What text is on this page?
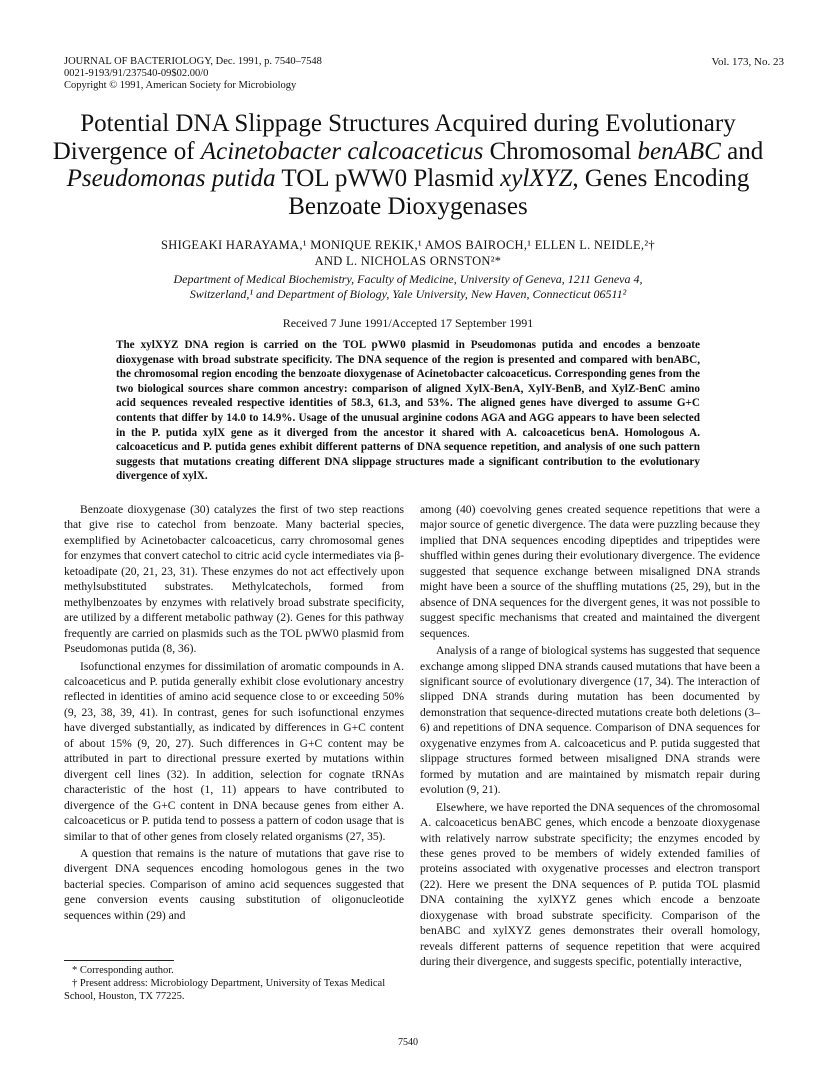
JOURNAL OF BACTERIOLOGY, Dec. 1991, p. 7540–7548
0021-9193/91/237540-09$02.00/0
Copyright © 1991, American Society for Microbiology
Vol. 173, No. 23
Potential DNA Slippage Structures Acquired during Evolutionary Divergence of Acinetobacter calcoaceticus Chromosomal benABC and Pseudomonas putida TOL pWW0 Plasmid xylXYZ, Genes Encoding Benzoate Dioxygenases
SHIGEAKI HARAYAMA,¹ MONIQUE REKIK,¹ AMOS BAIROCH,¹ ELLEN L. NEIDLE,²†
AND L. NICHOLAS ORNSTON²*
Department of Medical Biochemistry, Faculty of Medicine, University of Geneva, 1211 Geneva 4,
Switzerland,¹ and Department of Biology, Yale University, New Haven, Connecticut 06511²
Received 7 June 1991/Accepted 17 September 1991
The xylXYZ DNA region is carried on the TOL pWW0 plasmid in Pseudomonas putida and encodes a benzoate dioxygenase with broad substrate specificity. The DNA sequence of the region is presented and compared with benABC, the chromosomal region encoding the benzoate dioxygenase of Acinetobacter calcoaceticus. Corresponding genes from the two biological sources share common ancestry: comparison of aligned XylX-BenA, XylY-BenB, and XylZ-BenC amino acid sequences revealed respective identities of 58.3, 61.3, and 53%. The aligned genes have diverged to assume G+C contents that differ by 14.0 to 14.9%. Usage of the unusual arginine codons AGA and AGG appears to have been selected in the P. putida xylX gene as it diverged from the ancestor it shared with A. calcoaceticus benA. Homologous A. calcoaceticus and P. putida genes exhibit different patterns of DNA sequence repetition, and analysis of one such pattern suggests that mutations creating different DNA slippage structures made a significant contribution to the evolutionary divergence of xylX.

Benzoate dioxygenase (30) catalyzes the first of two step reactions that give rise to catechol from benzoate. Many bacterial species, exemplified by Acinetobacter calcoaceticus, carry chromosomal genes for enzymes that convert catechol to citric acid cycle intermediates via β-ketoadipate (20, 21, 23, 31). These enzymes do not act effectively upon methylsubstituted substrates. Methylcatechols, formed from methylbenzoates by enzymes with relatively broad substrate specificity, are utilized by a different metabolic pathway (2). Genes for this pathway frequently are carried on plasmids such as the TOL pWW0 plasmid from Pseudomonas putida (8, 36).

Isofunctional enzymes for dissimilation of aromatic compounds in A. calcoaceticus and P. putida generally exhibit close evolutionary ancestry reflected in identities of amino acid sequence close to or exceeding 50% (9, 23, 38, 39, 41). In contrast, genes for such isofunctional enzymes have diverged substantially, as indicated by differences in G+C content of about 15% (9, 20, 27). Such differences in G+C content may be attributed in part to directional pressure exerted by mutations within divergent cell lines (32). In addition, selection for cognate tRNAs characteristic of the host (1, 11) appears to have contributed to divergence of the G+C content in DNA because genes from either A. calcoaceticus or P. putida tend to possess a pattern of codon usage that is similar to that of other genes from closely related organisms (27, 35).

A question that remains is the nature of mutations that gave rise to divergent DNA sequences encoding homologous genes in the two bacterial species. Comparison of amino acid sequences suggested that gene conversion events causing substitution of oligonucleotide sequences within (29) and

among (40) coevolving genes created sequence repetitions that were a major source of genetic divergence. The data were puzzling because they implied that DNA sequences encoding dipeptides and tripeptides were shuffled within genes during their evolutionary divergence. The evidence suggested that sequence exchange between misaligned DNA strands might have been a source of the shuffling mutations (25, 29), but in the absence of DNA sequences for the divergent genes, it was not possible to suggest specific mechanisms that created and maintained the divergent sequences.

Analysis of a range of biological systems has suggested that sequence exchange among slipped DNA strands caused mutations that have been a significant source of evolutionary divergence (17, 34). The interaction of slipped DNA strands during mutation has been documented by demonstration that sequence-directed mutations create both deletions (3–6) and repetitions of DNA sequence. Comparison of DNA sequences for oxygenative enzymes from A. calcoaceticus and P. putida suggested that slippage structures formed between misaligned DNA strands were formed by mutation and are maintained by mismatch repair during evolution (9, 21).

Elsewhere, we have reported the DNA sequences of the chromosomal A. calcoaceticus benABC genes, which encode a benzoate dioxygenase with relatively narrow substrate specificity; the enzymes encoded by these genes proved to be members of widely extended families of proteins associated with oxygenative processes and electron transport (22). Here we present the DNA sequences of P. putida TOL plasmid DNA containing the xylXYZ genes which encode a benzoate dioxygenase with broad substrate specificity. Comparison of the benABC and xylXYZ genes demonstrates their overall homology, reveals different patterns of sequence repetition that were acquired during their divergence, and suggests specific, potentially interactive,

* Corresponding author.
† Present address: Microbiology Department, University of Texas Medical School, Houston, TX 77225.
7540
